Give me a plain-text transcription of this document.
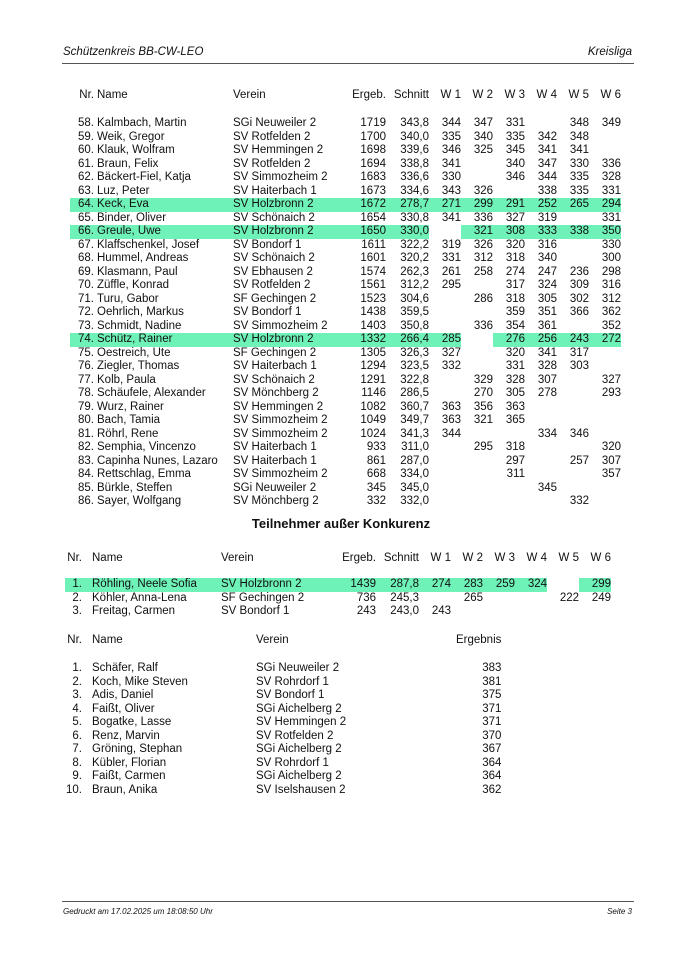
Schützenkreis BB-CW-LEO	Kreisliga
Nr.	Name	Verein	Ergeb.	Schnitt	W 1	W 2	W 3	W 4	W 5	W 6

58.	Kalmbach, Martin	SGi Neuweiler 2	1719	343,8	344	347	331		348	349
59.	Weik, Gregor	SV Rotfelden 2	1700	340,0	335	340	335	342	348	
60.	Klauk, Wolfram	SV Hemmingen 2	1698	339,6	346	325	345	341	341	
61.	Braun, Felix	SV Rotfelden 2	1694	338,8	341		340	347	330	336
62.	Bäckert-Fiel, Katja	SV Simmozheim 2	1683	336,6	330		346	344	335	328
63.	Luz, Peter	SV Haiterbach 1	1673	334,6	343	326		338	335	331
64.	Keck, Eva	SV Holzbronn 2	1672	278,7	271	299	291	252	265	294
65.	Binder, Oliver	SV Schönaich 2	1654	330,8	341	336	327	319		331
66.	Greule, Uwe	SV Holzbronn 2	1650	330,0		321	308	333	338	350
67.	Klaffschenkel, Josef	SV Bondorf 1	1611	322,2	319	326	320	316		330
68.	Hummel, Andreas	SV Schönaich 2	1601	320,2	331	312	318	340		300
69.	Klasmann, Paul	SV Ebhausen 2	1574	262,3	261	258	274	247	236	298
70.	Züffle, Konrad	SV Rotfelden 2	1561	312,2	295		317	324	309	316
71.	Turu, Gabor	SF Gechingen 2	1523	304,6		286	318	305	302	312
72.	Oehrlich, Markus	SV Bondorf 1	1438	359,5			359	351	366	362
73.	Schmidt, Nadine	SV Simmozheim 2	1403	350,8		336	354	361		352
74.	Schütz, Rainer	SV Holzbronn 2	1332	266,4	285		276	256	243	272
75.	Oestreich, Ute	SF Gechingen 2	1305	326,3	327		320	341	317	
76.	Ziegler, Thomas	SV Haiterbach 1	1294	323,5	332		331	328	303	
77.	Kolb, Paula	SV Schönaich 2	1291	322,8		329	328	307		327
78.	Schäufele, Alexander	SV Mönchberg 2	1146	286,5		270	305	278		293
79.	Wurz, Rainer	SV Hemmingen 2	1082	360,7	363	356	363			
80.	Bach, Tamia	SV Simmozheim 2	1049	349,7	363	321	365			
81.	Röhrl, Rene	SV Simmozheim 2	1024	341,3	344			334	346	
82.	Semphia, Vincenzo	SV Haiterbach 1	933	311,0		295	318			320
83.	Capinha Nunes, Lazaro	SV Haiterbach 1	861	287,0			297		257	307
84.	Rettschlag, Emma	SV Simmozheim 2	668	334,0			311			357
85.	Bürkle, Steffen	SGi Neuweiler 2	345	345,0				345		
86.	Sayer, Wolfgang	SV Mönchberg 2	332	332,0					332	
Teilnehmer außer Konkurenz
Nr.	Name	Verein	Ergeb.	Schnitt	W 1	W 2	W 3	W 4	W 5	W 6

1.	Röhling, Neele Sofia	SV Holzbronn 2	1439	287,8	274	283	259	324		299
2.	Köhler, Anna-Lena	SF Gechingen 2	736	245,3		265			222	249
3.	Freitag, Carmen	SV Bondorf 1	243	243,0	243					
Nr.	Name	Verein	Ergebnis

1.	Schäfer, Ralf	SGi Neuweiler 2	383
2.	Koch, Mike Steven	SV Rohrdorf 1	381
3.	Adis, Daniel	SV Bondorf 1	375
4.	Faißt, Oliver	SGi Aichelberg 2	371
5.	Bogatke, Lasse	SV Hemmingen 2	371
6.	Renz, Marvin	SV Rotfelden 2	370
7.	Gröning, Stephan	SGi Aichelberg 2	367
8.	Kübler, Florian	SV Rohrdorf 1	364
9.	Faißt, Carmen	SGi Aichelberg 2	364
10.	Braun, Anika	SV Iselshausen 2	362
Gedruckt am 17.02.2025 um 18:08:50 Uhr	Seite 3
